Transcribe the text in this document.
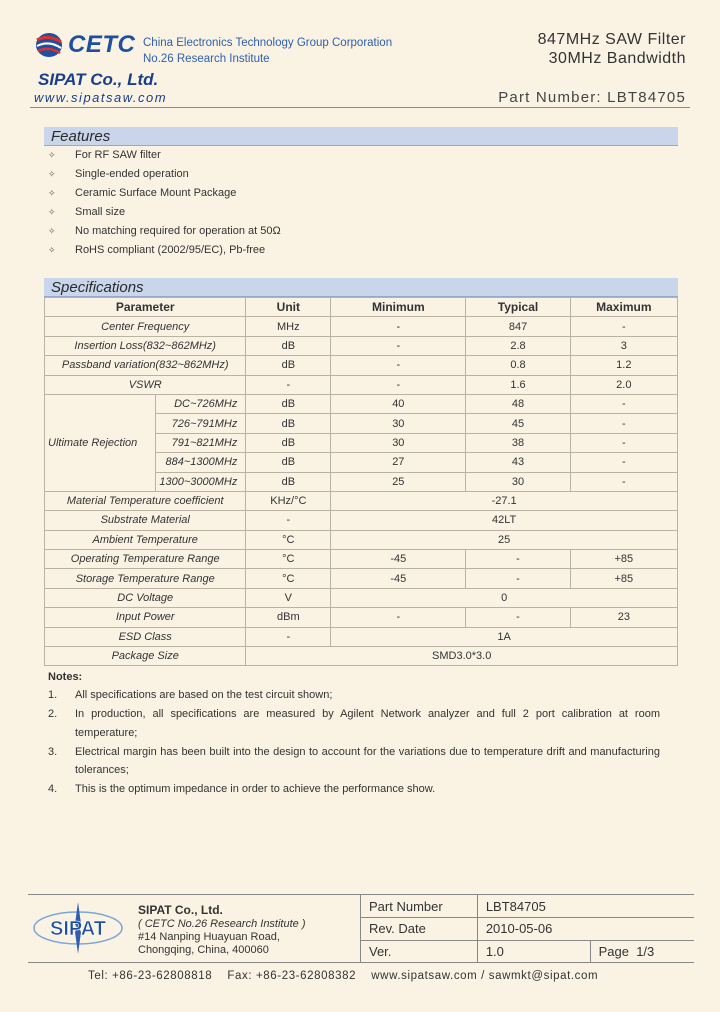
CETC China Electronics Technology Group Corporation
No.26 Research Institute
847MHz SAW Filter
30MHz Bandwidth
SIPAT Co., Ltd.
www.sipatsaw.com	Part Number: LBT84705
Features
✧	For RF SAW filter
✧	Single-ended operation
✧	Ceramic Surface Mount Package
✧	Small size
✧	No matching required for operation at 50Ω
✧	RoHS compliant (2002/95/EC), Pb-free
Specifications
Parameter		Unit	Minimum	Typical	Maximum
Center Frequency		MHz	-	847	-
Insertion Loss(832~862MHz)		dB	-	2.8	3
Passband variation(832~862MHz)		dB	-	0.8	1.2
VSWR		-	-	1.6	2.0
Ultimate Rejection	DC~726MHz	dB	40	48	-
	726~791MHz	dB	30	45	-
	791~821MHz	dB	30	38	-
	884~1300MHz	dB	27	43	-
	1300~3000MHz	dB	25	30	-
Material Temperature coefficient		KHz/°C	-27.1		
Substrate Material		-	42LT		
Ambient Temperature		°C	25		
Operating Temperature Range		°C	-45	-	+85
Storage Temperature Range		°C	-45	-	+85
DC Voltage		V	0		
Input Power		dBm	-	-	23
ESD Class		-	1A		
Package Size		SMD3.0*3.0			
Notes:
1.	All specifications are based on the test circuit shown;
2.	In production, all specifications are measured by Agilent Network analyzer and full 2 port calibration at room temperature;
3.	Electrical margin has been built into the design to account for the variations due to temperature drift and manufacturing tolerances;
4.	This is the optimum impedance in order to achieve the performance show.
SIPAT
SIPAT Co., Ltd.
( CETC No.26 Research Institute )
#14 Nanping Huayuan Road,
Chongqing, China, 400060
Part Number	LBT84705	
Rev. Date	2010-05-06	
Ver.	1.0	Page 1/3
Tel: +86-23-62808818    Fax: +86-23-62808382    www.sipatsaw.com / sawmkt@sipat.com
